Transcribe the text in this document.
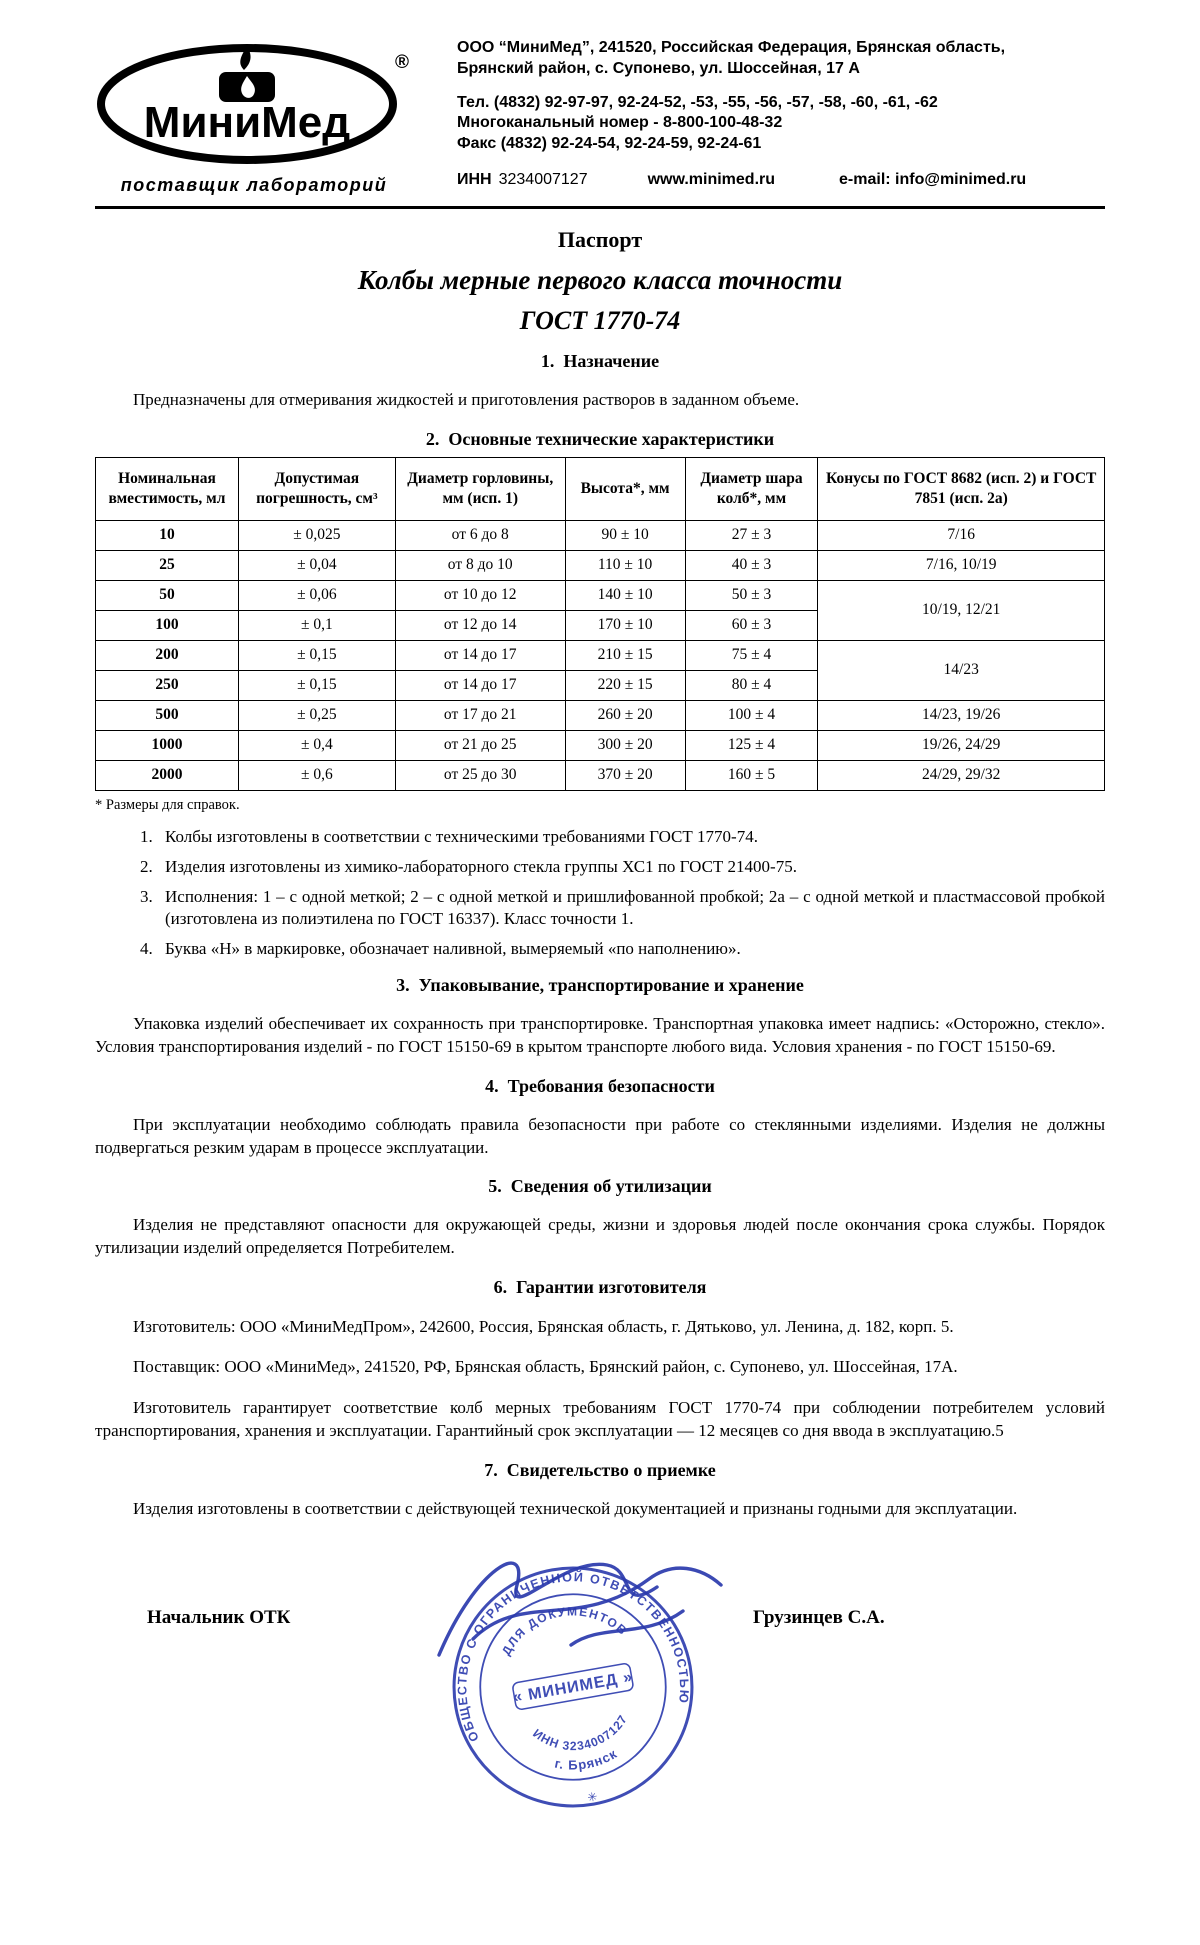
МиниМед
®
поставщик лабораторий
ООО “МиниМед”, 241520, Российская Федерация, Брянская область,
Брянский район, с. Супонево, ул. Шоссейная, 17 А
Тел. (4832) 92-97-97, 92-24-52, -53, -55, -56, -57, -58, -60, -61, -62
Многоканальный номер - 8-800-100-48-32
Факс (4832) 92-24-54, 92-24-59, 92-24-61
ИНН 3234007127	www.minimed.ru	e-mail: info@minimed.ru
Паспорт
Колбы мерные первого класса точности
ГОСТ 1770-74
1.  Назначение

Предназначены для отмеривания жидкостей и приготовления растворов в заданном объеме.

2.  Основные технические характеристики
Номинальная вместимость, мл	Допустимая погрешность, см³	Диаметр горловины, мм (исп. 1)	Высота*, мм	Диаметр шара колб*, мм	Конусы по ГОСТ 8682 (исп. 2) и ГОСТ 7851 (исп. 2а)
10	± 0,025	от 6 до 8	90 ± 10	27 ± 3	7/16
25	± 0,04	от 8 до 10	110 ± 10	40 ± 3	7/16, 10/19
50	± 0,06	от 10 до 12	140 ± 10	50 ± 3	10/19, 12/21
100	± 0,1	от 12 до 14	170 ± 10	60 ± 3	
200	± 0,15	от 14 до 17	210 ± 15	75 ± 4	14/23
250	± 0,15	от 14 до 17	220 ± 15	80 ± 4	
500	± 0,25	от 17 до 21	260 ± 20	100 ± 4	14/23, 19/26
1000	± 0,4	от 21 до 25	300 ± 20	125 ± 4	19/26, 24/29
2000	± 0,6	от 25 до 30	370 ± 20	160 ± 5	24/29, 29/32
* Размеры для справок.
1. Колбы изготовлены в соответствии с техническими требованиями ГОСТ 1770-74.
2. Изделия изготовлены из химико-лабораторного стекла группы ХС1 по ГОСТ 21400-75.
3. Исполнения: 1 – с одной меткой; 2 – с одной меткой и пришлифованной пробкой; 2а – с одной меткой и пластмассовой пробкой (изготовлена из полиэтилена по ГОСТ 16337). Класс точности 1.
4. Буква «Н» в маркировке, обозначает наливной, вымеряемый «по наполнению».
3.  Упаковывание, транспортирование и хранение

Упаковка изделий обеспечивает их сохранность при транспортировке. Транспортная упаковка имеет надпись: «Осторожно, стекло». Условия транспортирования изделий - по ГОСТ 15150-69 в крытом транспорте любого вида. Условия хранения - по ГОСТ 15150-69.

4.  Требования безопасности

При эксплуатации необходимо соблюдать правила безопасности при работе со стеклянными изделиями. Изделия не должны подвергаться резким ударам в процессе эксплуатации.

5.  Сведения об утилизации

Изделия не представляют опасности для окружающей среды, жизни и здоровья людей после окончания срока службы. Порядок утилизации изделий определяется Потребителем.

6.  Гарантии изготовителя

Изготовитель: ООО «МиниМедПром», 242600, Россия, Брянская область, г. Дятьково, ул. Ленина, д. 182, корп. 5.

Поставщик: ООО «МиниМед», 241520, РФ, Брянская область, Брянский район, с. Супонево, ул. Шоссейная, 17А.

Изготовитель гарантирует соответствие колб мерных требованиям ГОСТ 1770-74 при соблюдении потребителем условий транспортирования, хранения и эксплуатации. Гарантийный срок эксплуатации — 12 месяцев со дня ввода в эксплуатацию.5

7.  Свидетельство о приемке

Изделия изготовлены в соответствии с действующей технической документацией и признаны годными для эксплуатации.

Начальник ОТК	Грузинцев С.А.
ОБЩЕСТВО С ОГРАНИЧЕННОЙ ОТВЕТСТВЕННОСТЬЮ
ДЛЯ ДОКУМЕНТОВ
« МИНИМЕД »
ИНН 3234007127
г. Брянск
✳
